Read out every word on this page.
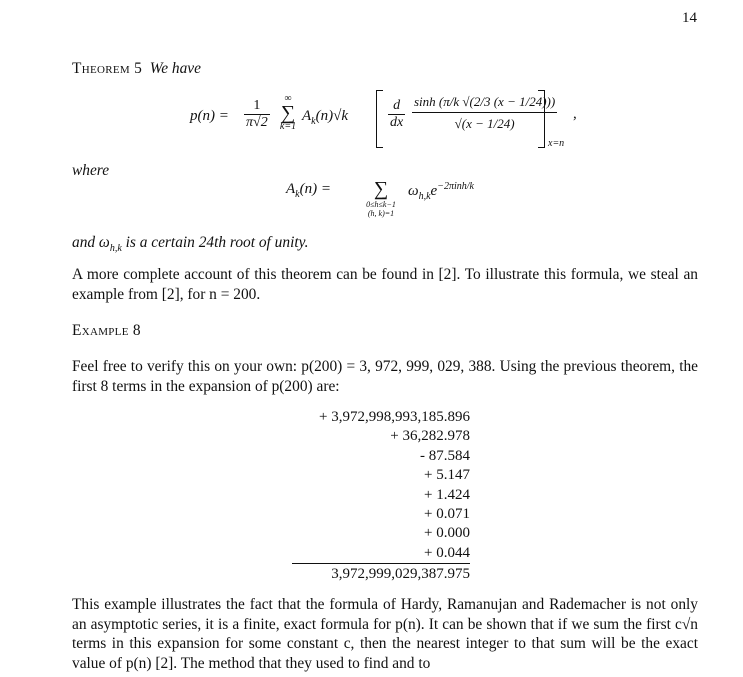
14
Theorem 5 We have
$p(n) = \frac{1}{\pi√2}$	∞
∑
k=1
$A_k(n)√k$	$\frac{d}{dx} \frac{\sinh (\pi/k √(2/3 (x - 1/24)))}{√(x - 1/24)}$
x=n
,
where
$A_k(n)$ =	∑
0≤h≤k−1
(h, k)=1
$\omega_{h,k}e^{-2\pi inh/k}$
and $\omega_{h,k}$ is a certain 24th root of unity.
A more complete account of this theorem can be found in [2]. To illustrate this formula, we steal an example from [2], for n = 200.
Example 8
Feel free to verify this on your own: p(200) = 3, 972, 999, 029, 388. Using the previous theorem, the first 8 terms in the expansion of p(200) are:
+ 3,972,998,993,185.896
+ 36,282.978
- 87.584
+ 5.147
+ 1.424
+ 0.071
+ 0.000
+ 0.044
3,972,999,029,387.975
This example illustrates the fact that the formula of Hardy, Ramanujan and Rademacher is not only an asymptotic series, it is a finite, exact formula for p(n). It can be shown that if we sum the first c√n terms in this expansion for some constant c, then the nearest integer to that sum will be the exact value of p(n) [2]. The method that they used to find and to
